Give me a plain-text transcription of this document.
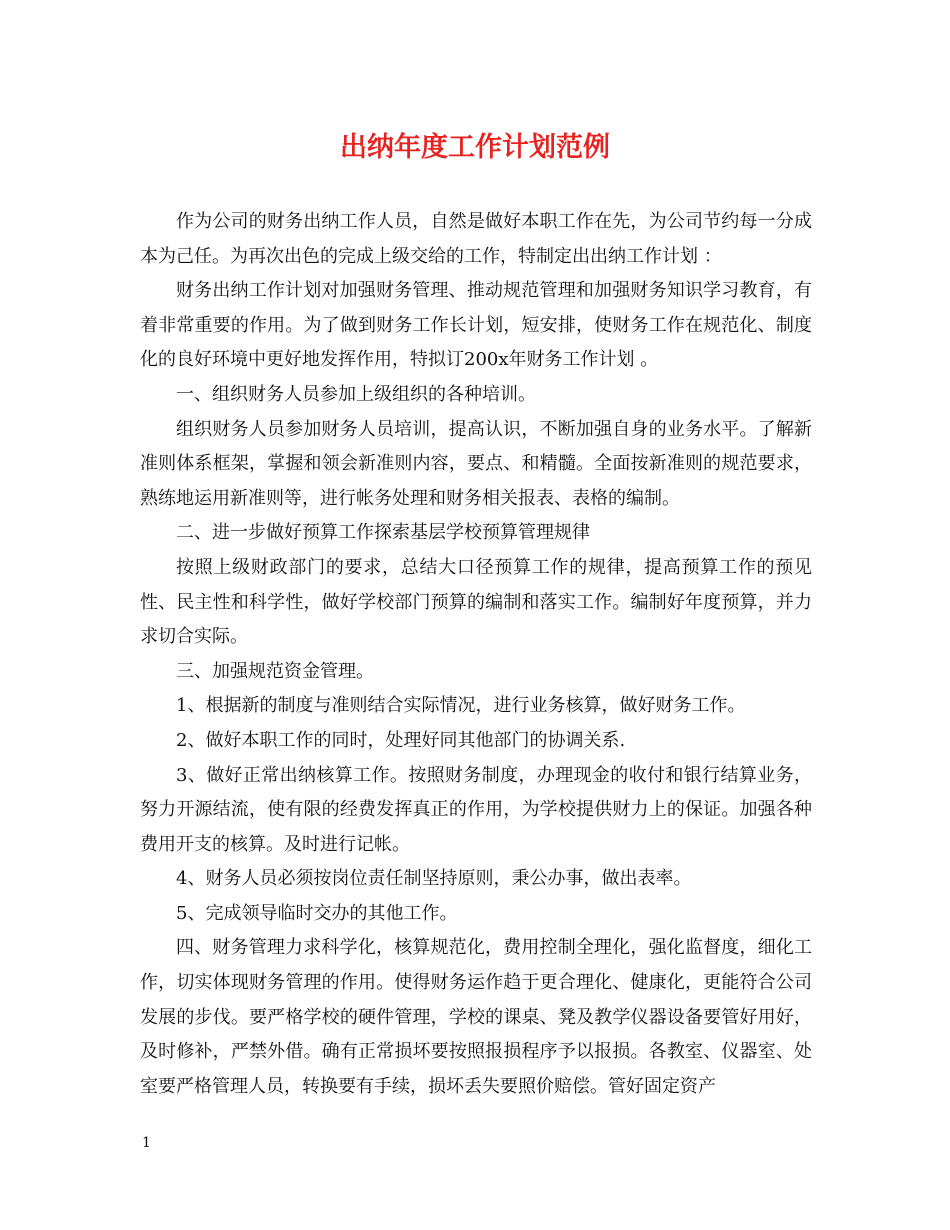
出纳年度工作计划范例

作为公司的财务出纳工作人员，自然是做好本职工作在先，为公司节约每一分成本为己任。为再次出色的完成上级交给的工作，特制定出出纳工作计划 ：

财务出纳工作计划对加强财务管理、推动规范管理和加强财务知识学习教育，有着非常重要的作用。为了做到财务工作长计划，短安排，使财务工作在规范化、制度化的良好环境中更好地发挥作用，特拟订200x年财务工作计划 。

一、组织财务人员参加上级组织的各种培训。

组织财务人员参加财务人员培训，提高认识，不断加强自身的业务水平。了解新准则体系框架，掌握和领会新准则内容，要点、和精髓。全面按新准则的规范要求，熟练地运用新准则等，进行帐务处理和财务相关报表、表格的编制。

二、进一步做好预算工作探索基层学校预算管理规律

按照上级财政部门的要求，总结大口径预算工作的规律，提高预算工作的预见性、民主性和科学性，做好学校部门预算的编制和落实工作。编制好年度预算，并力求切合实际。

三、加强规范资金管理。

1、根据新的制度与准则结合实际情况，进行业务核算，做好财务工作。

2、做好本职工作的同时，处理好同其他部门的协调关系.

3、做好正常出纳核算工作。按照财务制度，办理现金的收付和银行结算业务，努力开源结流，使有限的经费发挥真正的作用，为学校提供财力上的保证。加强各种费用开支的核算。及时进行记帐。

4、财务人员必须按岗位责任制坚持原则，秉公办事，做出表率。

5、完成领导临时交办的其他工作。

四、财务管理力求科学化，核算规范化，费用控制全理化，强化监督度，细化工作，切实体现财务管理的作用。使得财务运作趋于更合理化、健康化，更能符合公司发展的步伐。要严格学校的硬件管理，学校的课桌、凳及教学仪器设备要管好用好，及时修补，严禁外借。确有正常损坏要按照报损程序予以报损。各教室、仪器室、处室要严格管理人员，转换要有手续，损坏丢失要照价赔偿。管好固定资产

1
